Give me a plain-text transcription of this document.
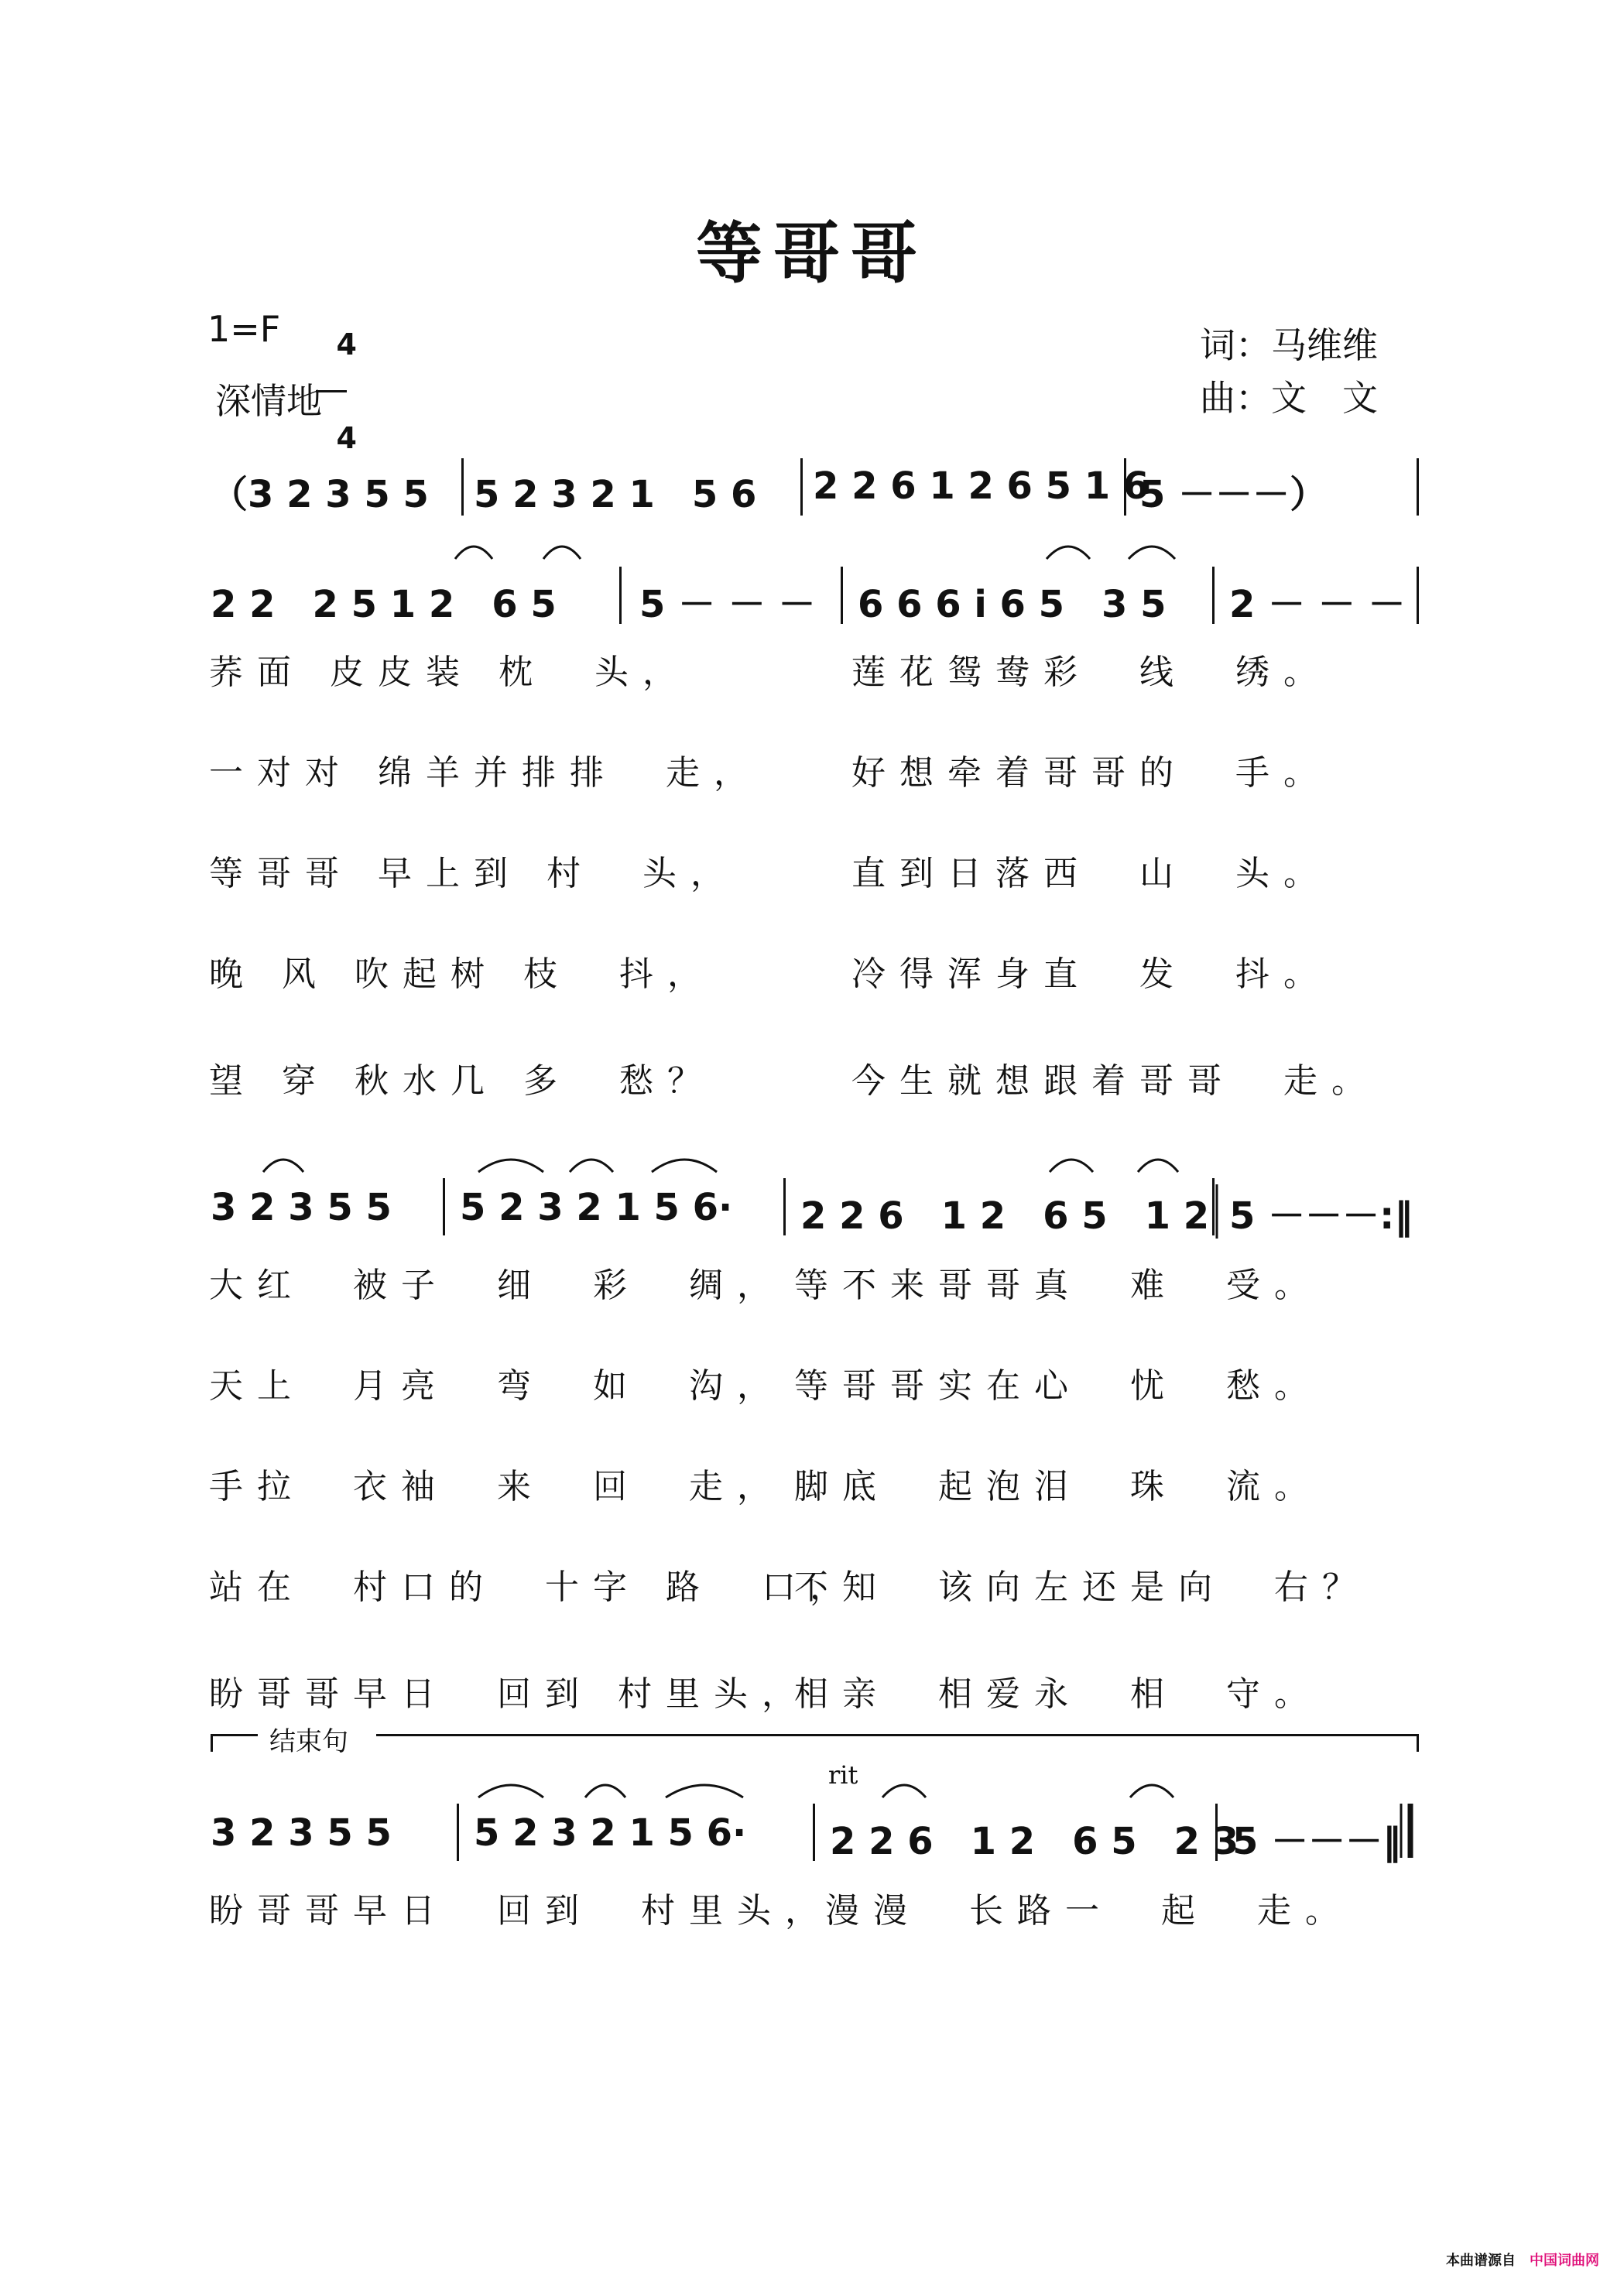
等哥哥
1=F	4

4

深情地
词：马维维
曲：文　文
（3 2 3 5 5 5 2 3 2 1　5 6 2 2 6 1 2 6 5 1 6
5 －－－）
2 2　2 5 1 2　6 5 5 － － － 6 6 6 i 6 5　3 5 2 － － －
荞面 皮皮装 枕　头，
一对对 绵羊并排排　走，
等哥哥 早上到 村　头，
晚 风 吹起树 枝　抖，
望 穿 秋水几 多　愁？
莲花鸳鸯彩　线　绣。
好想牵着哥哥的　手。
直到日落西　山　头。
冷得浑身直　发　抖。
今生就想跟着哥哥　走。
3 2 3 5 5 5 2 3 2 1 5 6· 2 2 6　1 2　6 5　1 2 5 －－－:‖
大红　被子　细　彩　绸，
天上　月亮　弯　如　沟，
手拉　衣袖　来　回　走，
站在　村口的　十字 路　口，
盼哥哥早日　回到 村里头，
等不来哥哥真　难　受。
等哥哥实在心　忧　愁。
脚底　起泡泪　珠　流。
不知　该向左还是向　右？
相亲　相爱永　相　守。
结束句
rit
3 2 3 5 5 5 2 3 2 1 5 6· 2 2 6　1 2　6 5　2 3
5 －－－‖
盼哥哥早日　回到　村里头，
漫漫　长路一　起　走。
本曲谱源自 中国词曲网
